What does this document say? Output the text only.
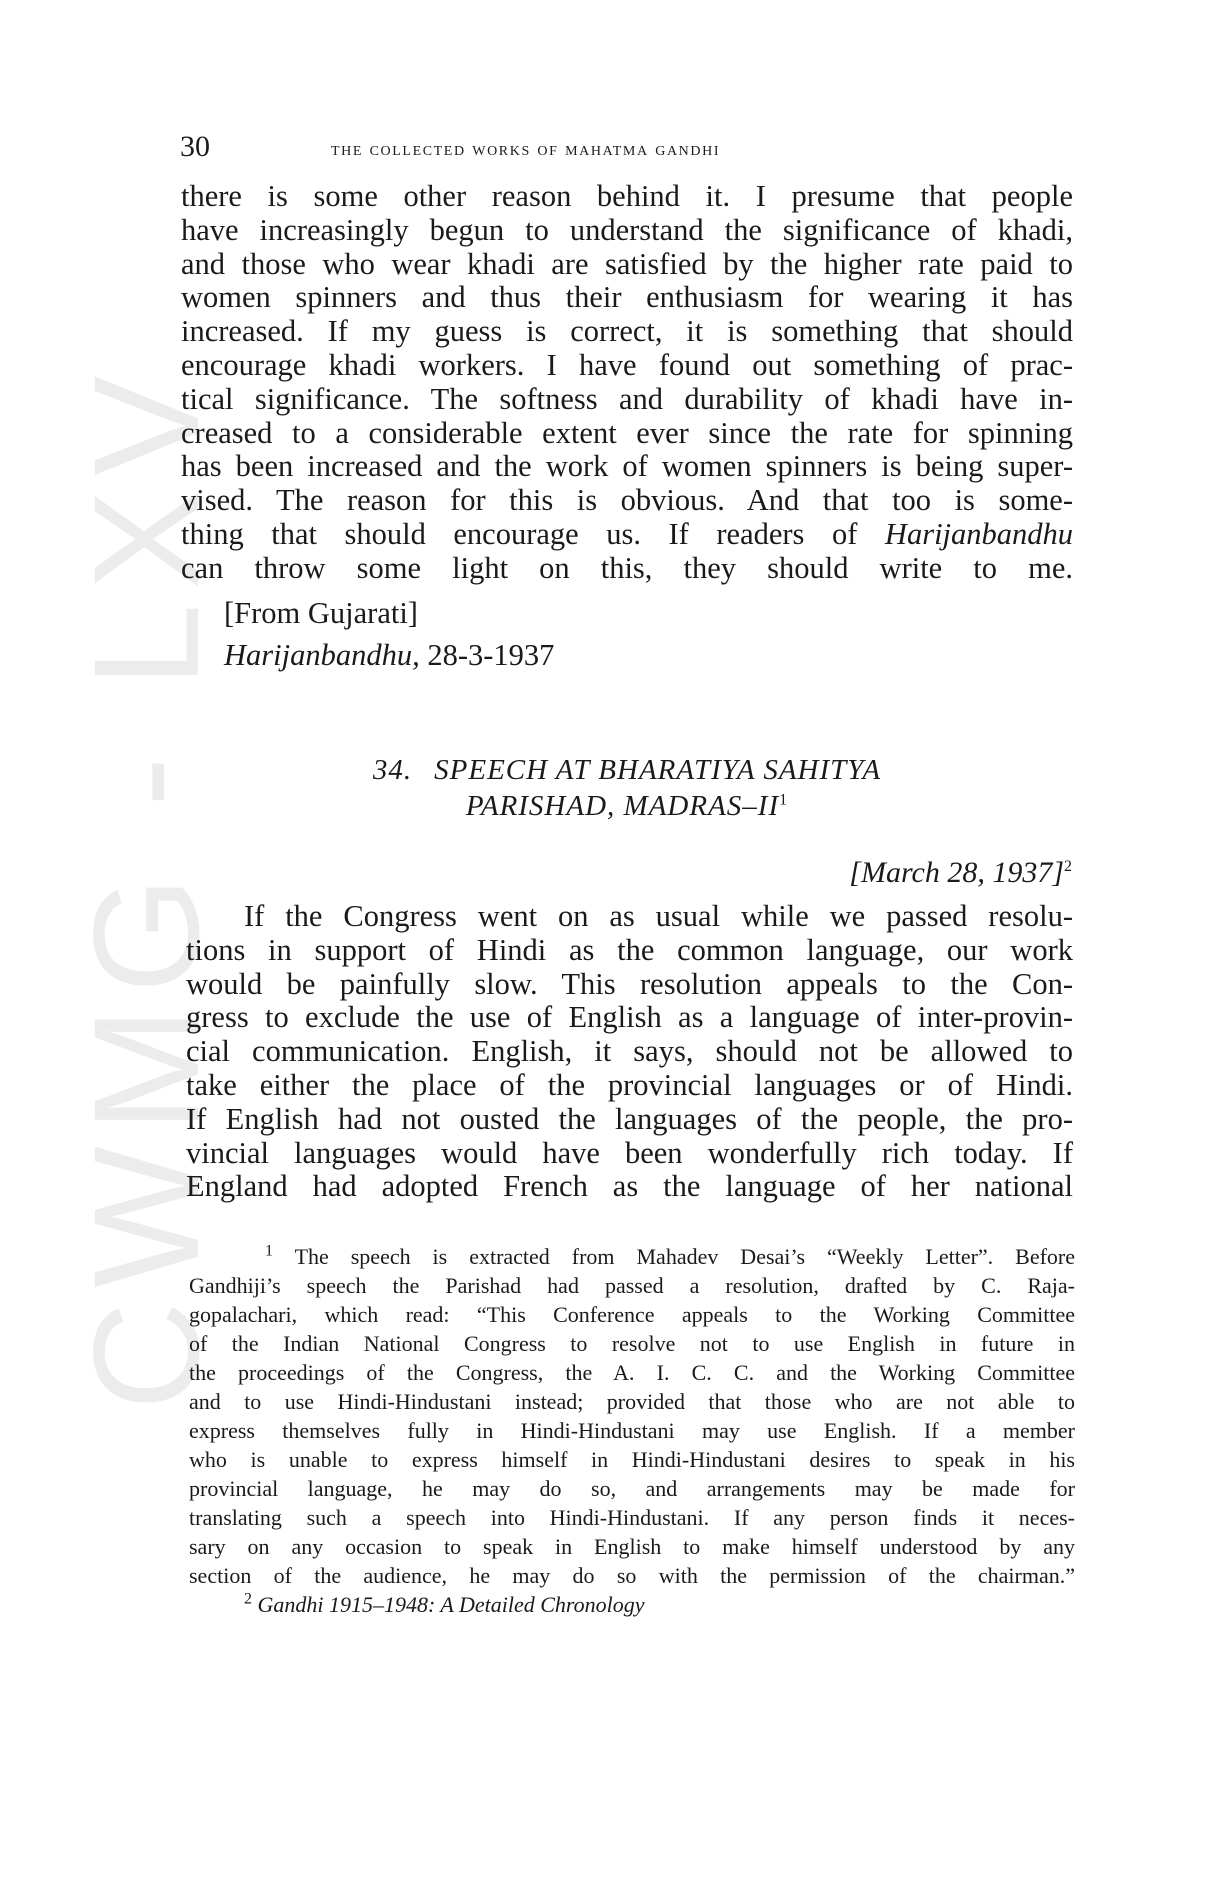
CWMG - LXV
30	the collected works of mahatma gandhi
there is some other reason behind it. I presume that people
have increasingly begun to understand the significance of khadi,
and those who wear khadi are satisfied by the higher rate paid to
women spinners and thus their enthusiasm for wearing it has
increased. If my guess is correct, it is something that should
encourage khadi workers. I have found out something of prac-
tical significance. The softness and durability of khadi have in-
creased to a considerable extent ever since the rate for spinning
has been increased and the work of women spinners is being super-
vised. The reason for this is obvious. And that too is some-
thing that should encourage us. If readers of Harijanbandhu
can throw some light on this, they should write to me.
[From Gujarati]
Harijanbandhu, 28-3-1937
34. SPEECH AT BHARATIYA SAHITYA
PARISHAD, MADRAS–$II^1$
[March 28, 1937]$^2$
If the Congress went on as usual while we passed resolu-
tions in support of Hindi as the common language, our work
would be painfully slow. This resolution appeals to the Con-
gress to exclude the use of English as a language of inter-provin-
cial communication. English, it says, should not be allowed to
take either the place of the provincial languages or of Hindi.
If English had not ousted the languages of the people, the pro-
vincial languages would have been wonderfully rich today. If
England had adopted French as the language of her national
$^1$ The speech is extracted from Mahadev Desai’s “Weekly Letter”. Before
Gandhiji’s speech the Parishad had passed a resolution, drafted by C. Raja-
gopalachari, which read: “This Conference appeals to the Working Committee
of the Indian National Congress to resolve not to use English in future in
the proceedings of the Congress, the A. I. C. C. and the Working Committee
and to use Hindi-Hindustani instead; provided that those who are not able to
express themselves fully in Hindi-Hindustani may use English. If a member
who is unable to express himself in Hindi-Hindustani desires to speak in his
provincial language, he may do so, and arrangements may be made for
translating such a speech into Hindi-Hindustani. If any person finds it neces-
sary on any occasion to speak in English to make himself understood by any
section of the audience, he may do so with the permission of the chairman.”
$^2$ Gandhi 1915–1948: A Detailed Chronology
